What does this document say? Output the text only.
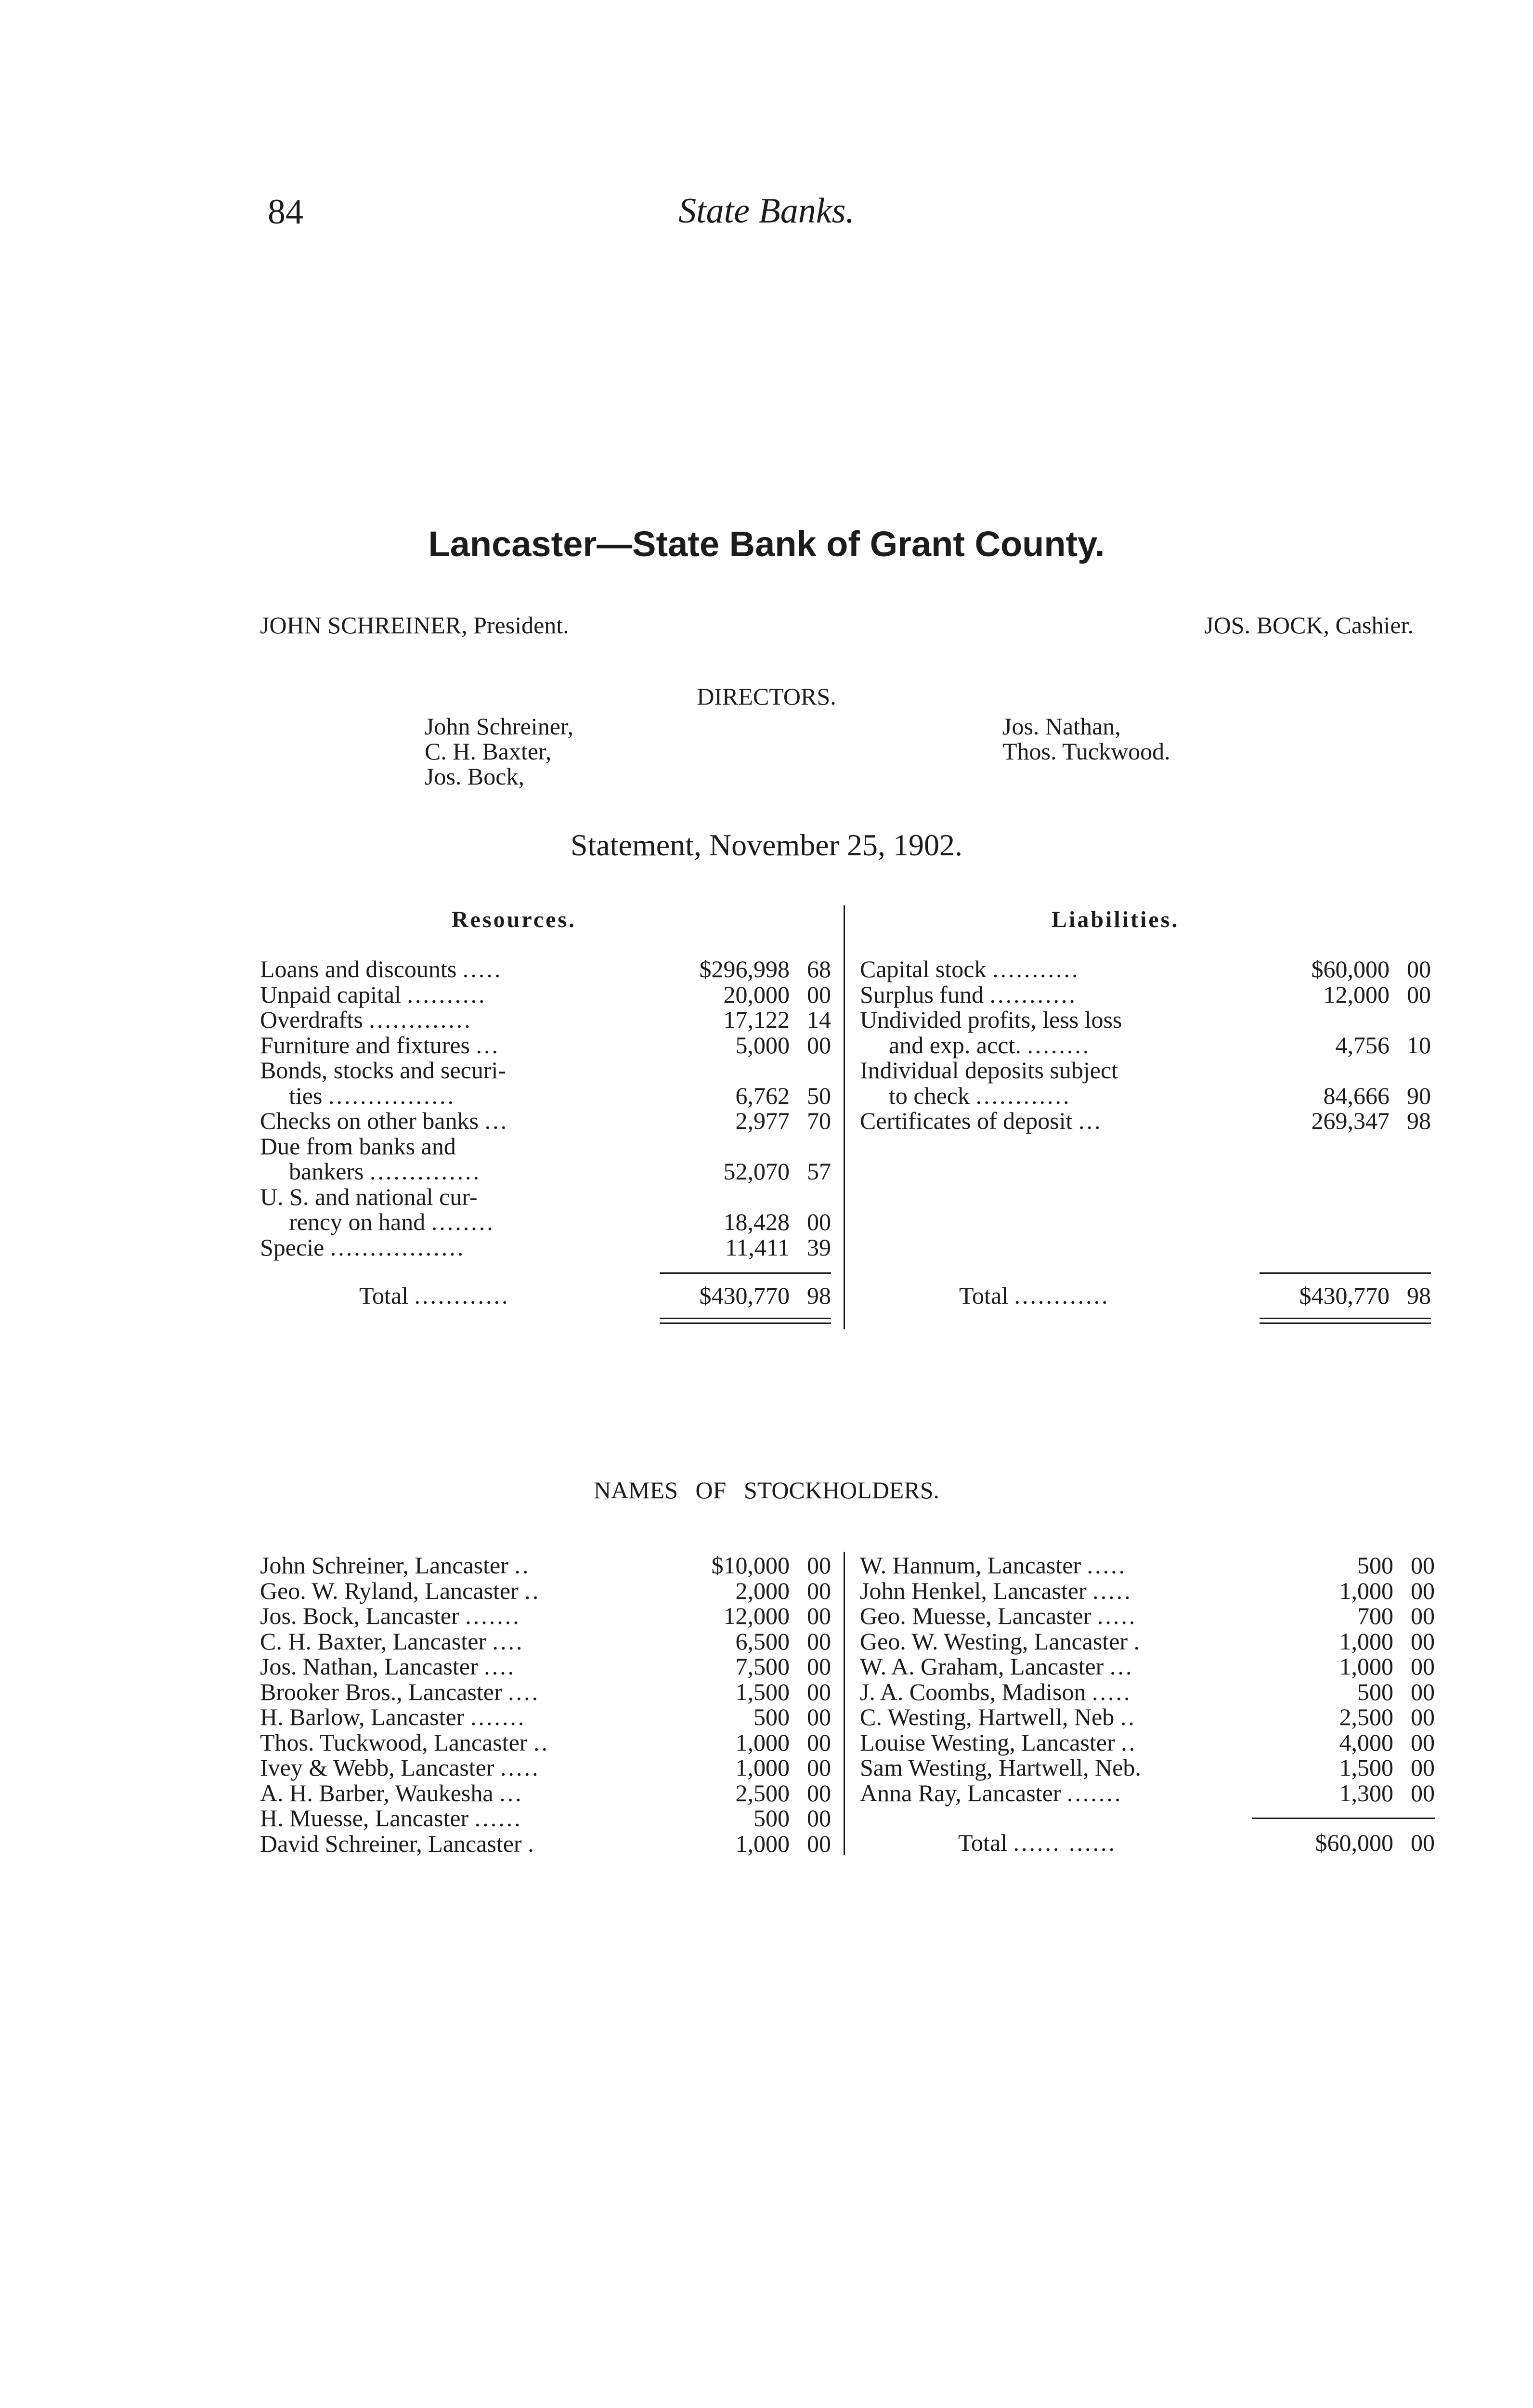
84	State Banks.
Lancaster—State Bank of Grant County.
JOHN SCHREINER, President.	JOS. BOCK, Cashier.
DIRECTORS.
John Schreiner,
C. H. Baxter,
Jos. Bock,
Jos. Nathan,
Thos. Tuckwood.
Statement, November 25, 1902.
Resources.	Liabilities.
Loans and discounts .....	$296,998 68
Unpaid capital ..........	20,000 00
Overdrafts .............	17,122 14
Furniture and fixtures ...	5,000 00
Bonds, stocks and securi-
ties ................	6,762 50
Checks on other banks ...	2,977 70
Due from banks and
bankers ..............	52,070 57
U. S. and national cur-
rency on hand ........	18,428 00
Specie .................	11,411 39
Total ............	$430,770 98
Capital stock ...........	$60,000 00
Surplus fund ...........	12,000 00
Undivided profits, less loss
and exp. acct. ........	4,756 10
Individual deposits subject
to check ............	84,666 90
Certificates of deposit ...	269,347 98
Total ............	$430,770 98
NAMES OF STOCKHOLDERS.
John Schreiner, Lancaster ..	$10,000 00
Geo. W. Ryland, Lancaster ..	2,000 00
Jos. Bock, Lancaster .......	12,000 00
C. H. Baxter, Lancaster ....	6,500 00
Jos. Nathan, Lancaster ....	7,500 00
Brooker Bros., Lancaster ....	1,500 00
H. Barlow, Lancaster .......	500 00
Thos. Tuckwood, Lancaster ..	1,000 00
Ivey & Webb, Lancaster .....	1,000 00
A. H. Barber, Waukesha ...	2,500 00
H. Muesse, Lancaster ......	500 00
David Schreiner, Lancaster .	1,000 00
W. Hannum, Lancaster .....	500 00
John Henkel, Lancaster .....	1,000 00
Geo. Muesse, Lancaster .....	700 00
Geo. W. Westing, Lancaster .	1,000 00
W. A. Graham, Lancaster ...	1,000 00
J. A. Coombs, Madison .....	500 00
C. Westing, Hartwell, Neb ..	2,500 00
Louise Westing, Lancaster ..	4,000 00
Sam Westing, Hartwell, Neb.	1,500 00
Anna Ray, Lancaster .......	1,300 00
Total ...... ......	$60,000 00
